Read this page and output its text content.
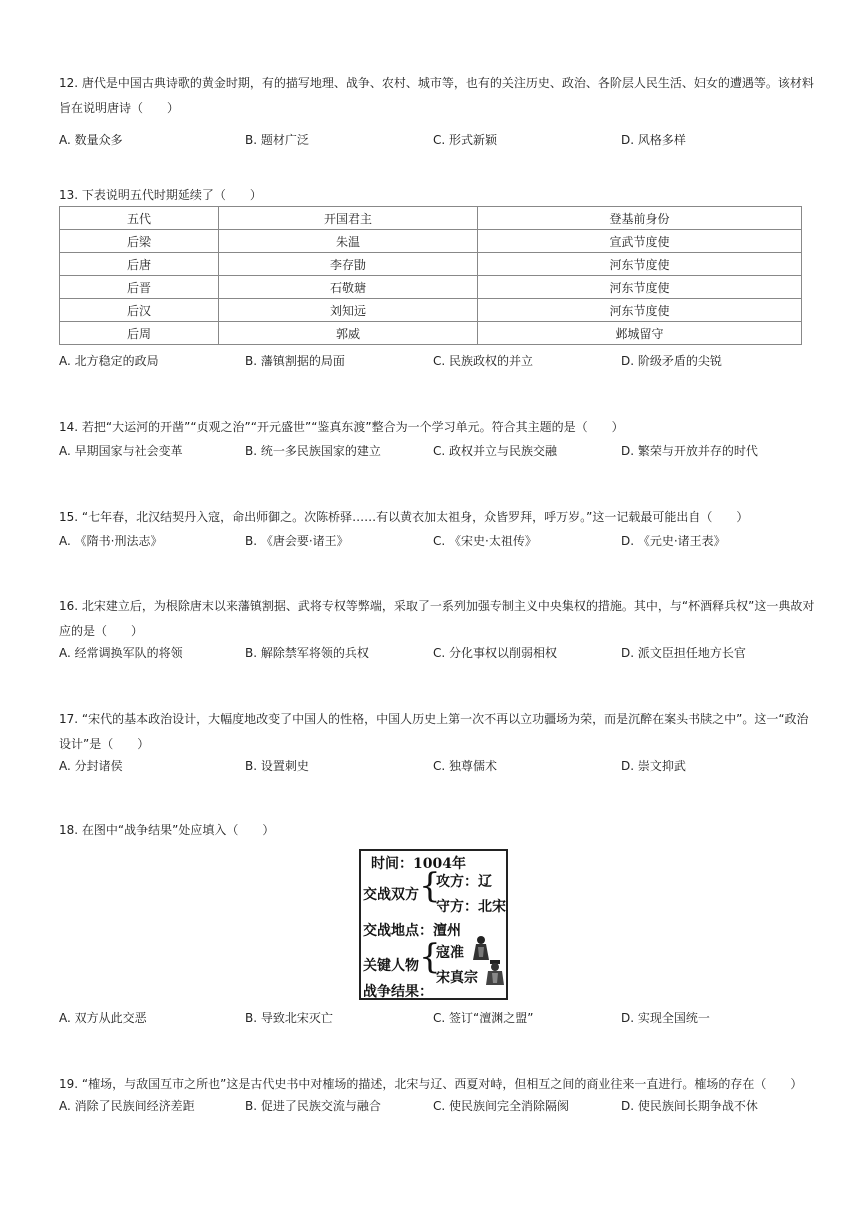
12. 唐代是中国古典诗歌的黄金时期，有的描写地理、战争、农村、城市等，也有的关注历史、政治、各阶层人民生活、妇女的遭遇等。该材料旨在说明唐诗（　　）

A. 数量众多	B. 题材广泛	C. 形式新颖	D. 风格多样

13. 下表说明五代时期延续了（　　）

五代	开国君主	登基前身份
后梁	朱温	宣武节度使
后唐	李存勖	河东节度使
后晋	石敬瑭	河东节度使
后汉	刘知远	河东节度使
后周	郭威	邺城留守
A. 北方稳定的政局	B. 藩镇割据的局面	C. 民族政权的并立	D. 阶级矛盾的尖锐

14. 若把“大运河的开凿”“贞观之治”“开元盛世”“鉴真东渡”整合为一个学习单元。符合其主题的是（　　）

A. 早期国家与社会变革	B. 统一多民族国家的建立	C. 政权并立与民族交融	D. 繁荣与开放并存的时代

15. “七年春，北汉结契丹入寇，命出师御之。次陈桥驿……有以黄衣加太祖身，众皆罗拜，呼万岁。”这一记载最可能出自（　　）

A. 《隋书·刑法志》	B. 《唐会要·诸王》	C. 《宋史·太祖传》	D. 《元史·诸王表》

16. 北宋建立后，为根除唐末以来藩镇割据、武将专权等弊端，采取了一系列加强专制主义中央集权的措施。其中，与“杯酒释兵权”这一典故对应的是（　　）

A. 经常调换军队的将领	B. 解除禁军将领的兵权	C. 分化事权以削弱相权	D. 派文臣担任地方长官

17. “宋代的基本政治设计，大幅度地改变了中国人的性格，中国人历史上第一次不再以立功疆场为荣，而是沉醉在案头书牍之中”。这一“政治设计”是（　　）

A. 分封诸侯	B. 设置刺史	C. 独尊儒术	D. 崇文抑武

18. 在图中“战争结果”处应填入（　　）

时间：1004年
交战双方 {
攻方：辽
守方：北宋
交战地点：澶州
关键人物 {
寇准
宋真宗
战争结果：
A. 双方从此交恶	B. 导致北宋灭亡	C. 签订“澶渊之盟”	D. 实现全国统一

19. “榷场，与敌国互市之所也”这是古代史书中对榷场的描述，北宋与辽、西夏对峙，但相互之间的商业往来一直进行。榷场的存在（　　）

A. 消除了民族间经济差距	B. 促进了民族交流与融合	C. 使民族间完全消除隔阂	D. 使民族间长期争战不休
